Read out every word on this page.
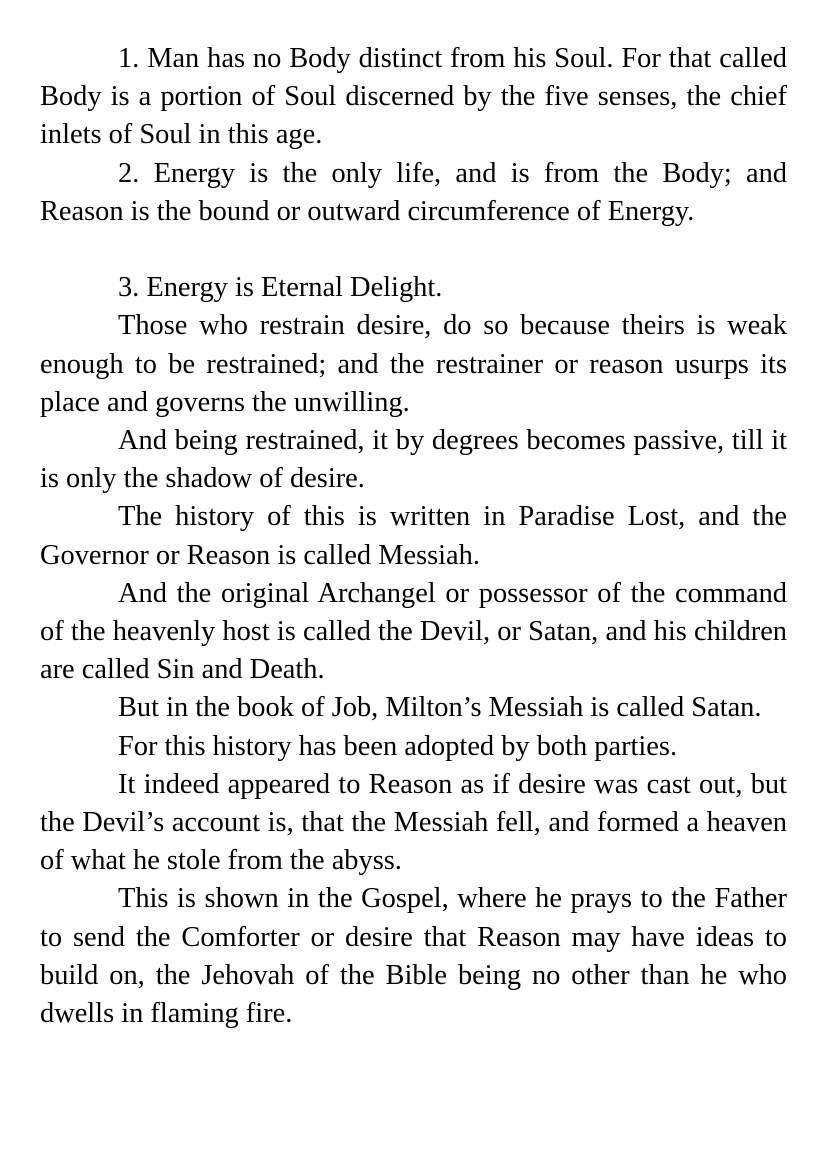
1. Man has no Body distinct from his Soul. For that called Body is a portion of Soul discerned by the five senses, the chief inlets of Soul in this age.

2. Energy is the only life, and is from the Body; and Reason is the bound or outward circumference of Energy.

3. Energy is Eternal Delight.

Those who restrain desire, do so because theirs is weak enough to be restrained; and the restrainer or reason usurps its place and governs the unwilling.

And being restrained, it by degrees becomes passive, till it is only the shadow of desire.

The history of this is written in Paradise Lost, and the Governor or Reason is called Messiah.

And the original Archangel or possessor of the command of the heavenly host is called the Devil, or Satan, and his children are called Sin and Death.

But in the book of Job, Milton’s Messiah is called Satan.

For this history has been adopted by both parties.

It indeed appeared to Reason as if desire was cast out, but the Devil’s account is, that the Messiah fell, and formed a heaven of what he stole from the abyss.

This is shown in the Gospel, where he prays to the Father to send the Comforter or desire that Reason may have ideas to build on, the Jehovah of the Bible being no other than he who dwells in flaming fire.
